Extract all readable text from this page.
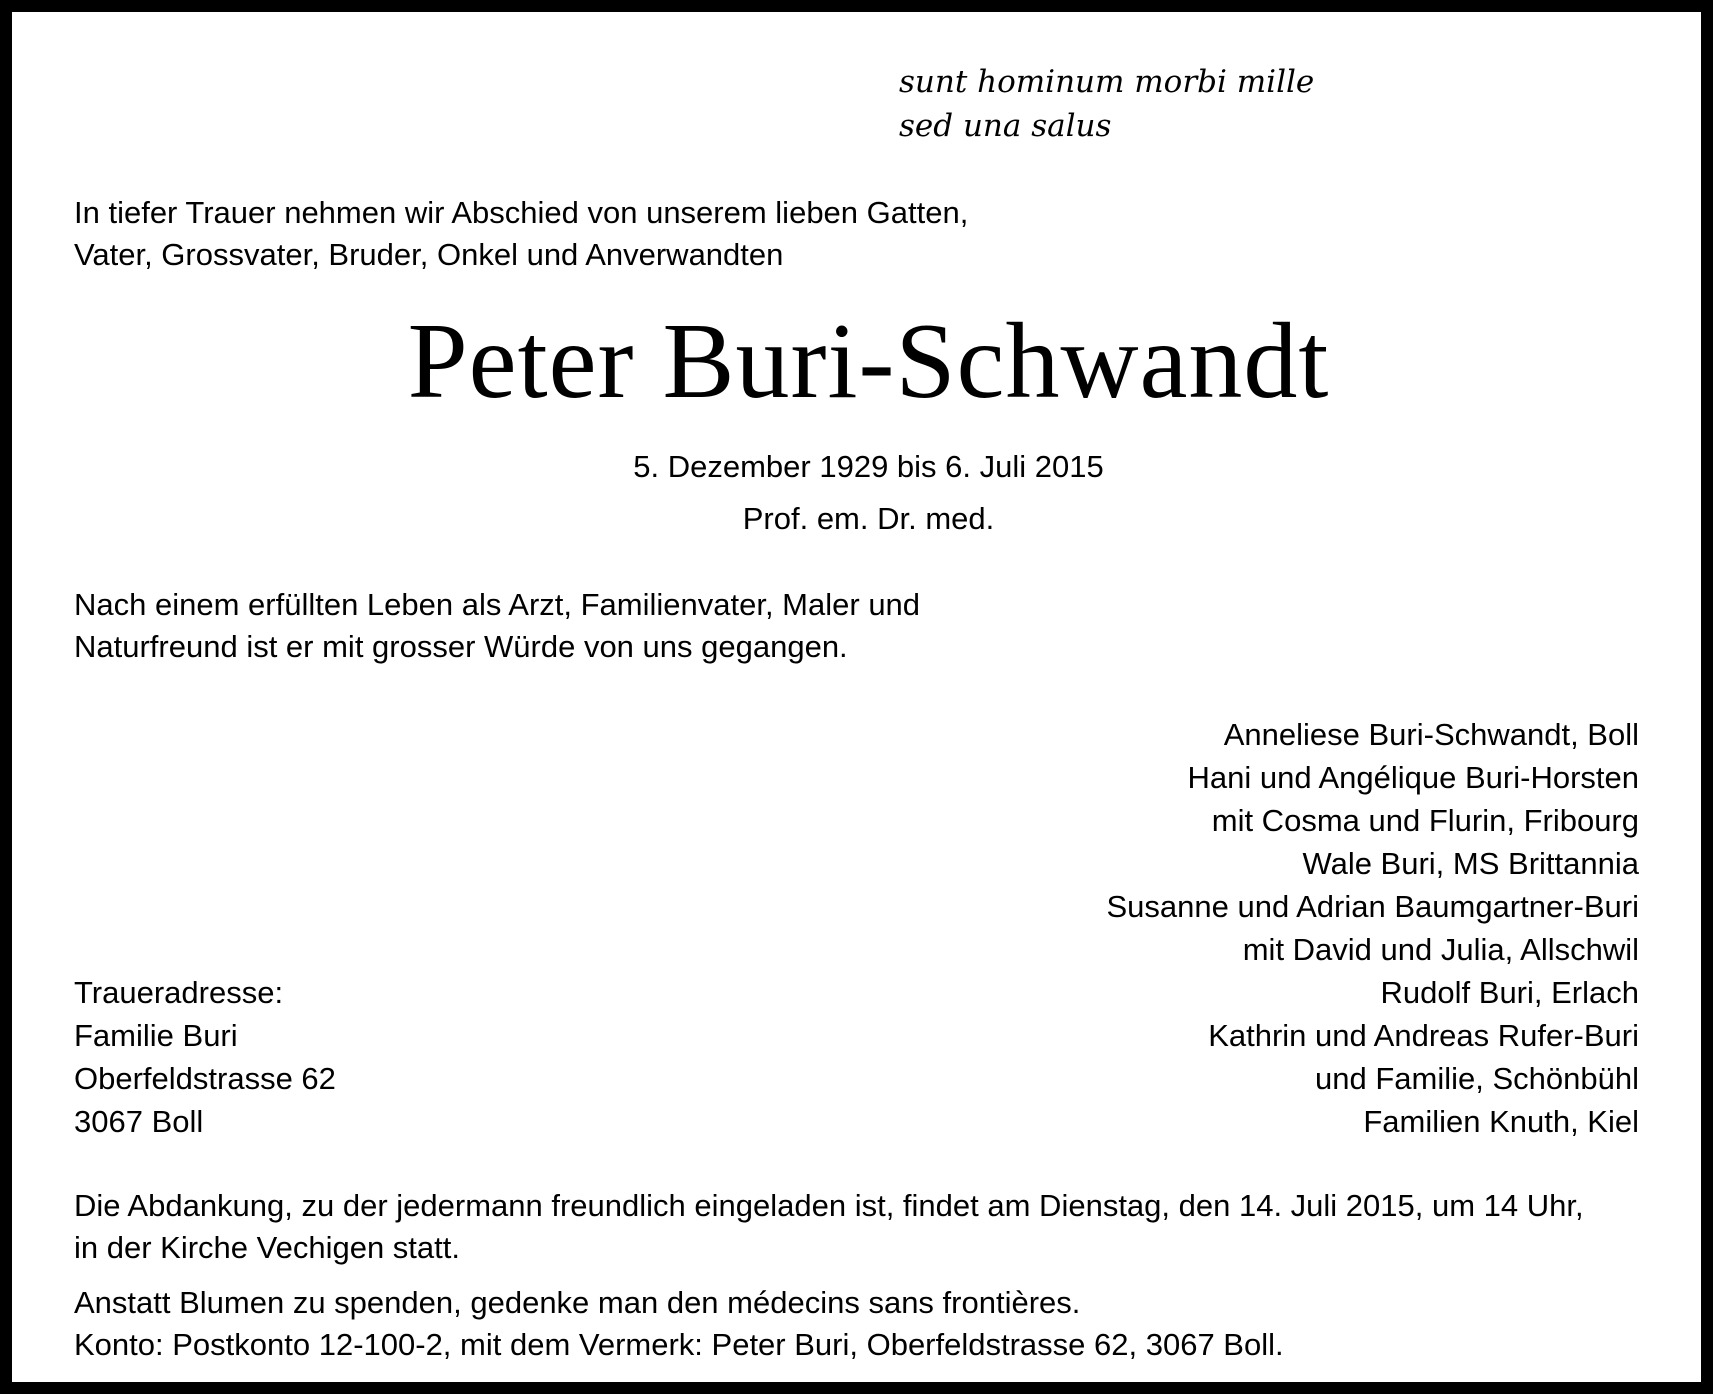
sunt hominum morbi mille
sed una salus
In tiefer Trauer nehmen wir Abschied von unserem lieben Gatten,
Vater, Grossvater, Bruder, Onkel und Anverwandten
Peter Buri-Schwandt
5. Dezember 1929 bis 6. Juli 2015
Prof. em. Dr. med.
Nach einem erfüllten Leben als Arzt, Familienvater, Maler und
Naturfreund ist er mit grosser Würde von uns gegangen.
Anneliese Buri-Schwandt, Boll
Hani und Angélique Buri-Horsten
mit Cosma und Flurin, Fribourg
Wale Buri, MS Brittannia
Susanne und Adrian Baumgartner-Buri
mit David und Julia, Allschwil
Rudolf Buri, Erlach
Kathrin und Andreas Rufer-Buri
und Familie, Schönbühl
Familien Knuth, Kiel
Traueradresse:
Familie Buri
Oberfeldstrasse 62
3067 Boll
Die Abdankung, zu der jedermann freundlich eingeladen ist, findet am Dienstag, den 14. Juli 2015, um 14 Uhr,
in der Kirche Vechigen statt.
Anstatt Blumen zu spenden, gedenke man den médecins sans frontières.
Konto: Postkonto 12-100-2, mit dem Vermerk: Peter Buri, Oberfeldstrasse 62, 3067 Boll.
